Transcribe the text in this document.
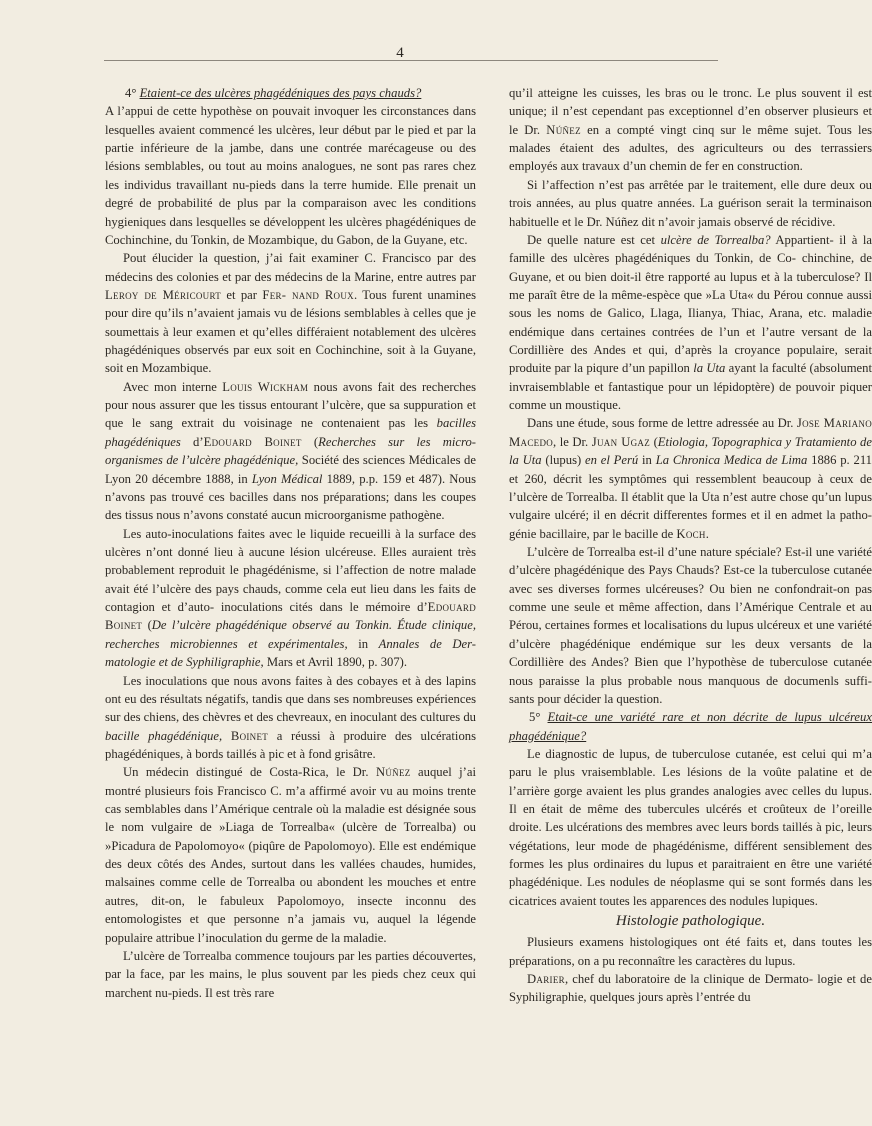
4

4° Etaient-ce des ulcères phagédéniques des pays chauds?

A l’appui de cette hypothèse on pouvait invoquer les circonstances dans lesquelles avaient commencé les ulcères, leur début par le pied et par la partie inférieure de la jambe, dans une contrée marécageuse ou des lésions semblables, ou tout au moins analogues, ne sont pas rares chez les individus travaillant nu-pieds dans la terre humide. Elle prenait un degré de probabilité de plus par la comparaison avec les conditions hygieniques dans lesquelles se développent les ulcères phagédéniques de Cochinchine, du Tonkin, de Mozambique, du Gabon, de la Guyane, etc.

Pout élucider la question, j’ai fait examiner C. Francisco par des médecins des colonies et par des médecins de la Marine, entre autres par Leroy de Méricourt et par Fer- nand Roux. Tous furent unamines pour dire qu’ils n’avaient jamais vu de lésions semblables à celles que je soumettais à leur examen et qu’elles différaient notablement des ulcères phagédéniques observés par eux soit en Cochinchine, soit à la Guyane, soit en Mozambique.

Avec mon interne Louis Wickham nous avons fait des recherches pour nous assurer que les tissus entourant l’ulcère, que sa suppuration et que le sang extrait du voisinage ne contenaient pas les bacilles phagédéniques d’Edouard Boinet (Recherches sur les micro-organismes de l’ulcère phagédénique, Société des sciences Médicales de Lyon 20 décembre 1888, in Lyon Médical 1889, p.p. 159 et 487). Nous n’avons pas trouvé ces bacilles dans nos préparations; dans les coupes des tissus nous n’avons constaté aucun microorganisme pathogène.

Les auto-inoculations faites avec le liquide recueilli à la surface des ulcères n’ont donné lieu à aucune lésion ulcéreuse. Elles auraient très probablement reproduit le phagédénisme, si l’affection de notre malade avait été l’ulcère des pays chauds, comme cela eut lieu dans les faits de contagion et d’auto- inoculations cités dans le mémoire d’Edouard Boinet (De l’ulcère phagédénique observé au Tonkin. Étude clinique, recherches microbiennes et expérimentales, in Annales de Der- matologie et de Syphiligraphie, Mars et Avril 1890, p. 307).

Les inoculations que nous avons faites à des cobayes et à des lapins ont eu des résultats négatifs, tandis que dans ses nombreuses expériences sur des chiens, des chèvres et des chevreaux, en inoculant des cultures du bacille phagédénique, Boinet a réussi à produire des ulcérations phagédéniques, à bords taillés à pic et à fond grisâtre.

Un médecin distingué de Costa-Rica, le Dr. Núñez auquel j’ai montré plusieurs fois Francisco C. m’a affirmé avoir vu au moins trente cas semblables dans l’Amérique centrale où la maladie est désignée sous le nom vulgaire de »Liaga de Torrealba« (ulcère de Torrealba) ou »Picadura de Papolomoyo« (piqûre de Papolomoyo). Elle est endémique des deux côtés des Andes, surtout dans les vallées chaudes, humides, malsaines comme celle de Torrealba ou abondent les mouches et entre autres, dit-on, le fabuleux Papolomoyo, insecte inconnu des entomologistes et que personne n’a jamais vu, auquel la légende populaire attribue l’inoculation du germe de la maladie.

L’ulcère de Torrealba commence toujours par les parties découvertes, par la face, par les mains, le plus souvent par les pieds chez ceux qui marchent nu-pieds. Il est très rare

qu’il atteigne les cuisses, les bras ou le tronc. Le plus souvent il est unique; il n’est cependant pas exceptionnel d’en observer plusieurs et le Dr. Núñez en a compté vingt cinq sur le même sujet. Tous les malades étaient des adultes, des agriculteurs ou des terrassiers employés aux travaux d’un chemin de fer en construction.

Si l’affection n’est pas arrêtée par le traitement, elle dure deux ou trois années, au plus quatre années. La guérison serait la terminaison habituelle et le Dr. Núñez dit n’avoir jamais observé de récidive.

De quelle nature est cet ulcère de Torrealba? Appartient- il à la famille des ulcères phagédéniques du Tonkin, de Co- chinchine, de Guyane, et ou bien doit-il être rapporté au lupus et à la tuberculose? Il me paraît être de la même-espèce que »La Uta« du Pérou connue aussi sous les noms de Galico, Llaga, Ilianya, Thiac, Arana, etc. maladie endémique dans certaines contrées de l’un et l’autre versant de la Cordillière des Andes et qui, d’après la croyance populaire, serait produite par la piqure d’un papillon la Uta ayant la faculté (absolument invraisemblable et fantastique pour un lépidoptère) de pouvoir piquer comme un moustique.

Dans une étude, sous forme de lettre adressée au Dr. Jose Mariano Macedo, le Dr. Juan Ugaz (Etiologia, Topographica y Tratamiento de la Uta (lupus) en el Perú in La Chronica Medica de Lima 1886 p. 211 et 260, décrit les symptômes qui ressemblent beaucoup à ceux de l’ulcère de Torrealba. Il établit que la Uta n’est autre chose qu’un lupus vulgaire ulcéré; il en décrit differentes formes et il en admet la patho- génie bacillaire, par le bacille de Koch.

L’ulcère de Torrealba est-il d’une nature spéciale? Est-il une variété d’ulcère phagédénique des Pays Chauds? Est-ce la tuberculose cutanée avec ses diverses formes ulcéreuses? Ou bien ne confondrait-on pas comme une seule et même affection, dans l’Amérique Centrale et au Pérou, certaines formes et localisations du lupus ulcéreux et une variété d’ulcère phagédénique endémique sur les deux versants de la Cordillière des Andes? Bien que l’hypothèse de tuberculose cutanée nous paraisse la plus probable nous manquous de documenls suffi- sants pour décider la question.

5° Etait-ce une variété rare et non décrite de lupus ulcéreux phagédénique?

Le diagnostic de lupus, de tuberculose cutanée, est celui qui m’a paru le plus vraisemblable. Les lésions de la voûte palatine et de l’arrière gorge avaient les plus grandes analogies avec celles du lupus. Il en était de même des tubercules ulcérés et croûteux de l’oreille droite. Les ulcérations des membres avec leurs bords taillés à pic, leurs végétations, leur mode de phagédénisme, différent sensiblement des formes les plus ordinaires du lupus et paraitraient en être une variété phagédénique. Les nodules de néoplasme qui se sont formés dans les cicatrices avaient toutes les apparences des nodules lupiques.

Histologie pathologique.

Plusieurs examens histologiques ont été faits et, dans toutes les préparations, on a pu reconnaître les caractères du lupus.

Darier, chef du laboratoire de la clinique de Dermato- logie et de Syphiligraphie, quelques jours après l’entrée du
